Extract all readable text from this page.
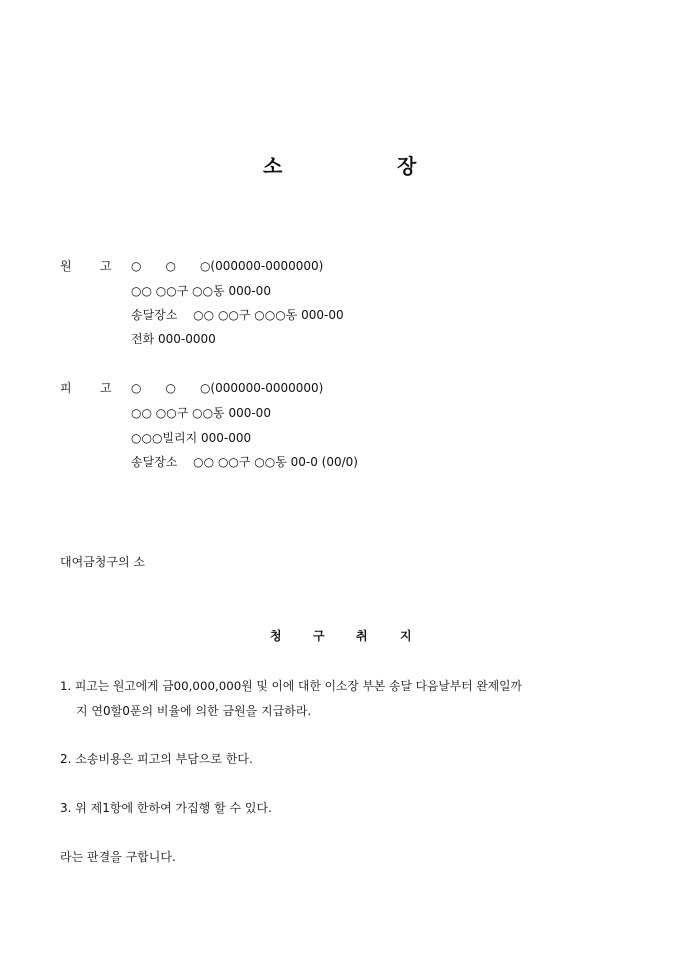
소	장
원 고 ○　　○　　○(000000-0000000)
○○ ○○구 ○○동 000-00
송달장소　 ○○ ○○구 ○○○동 000-00
전화 000-0000
피 고 ○　　○　　○(000000-0000000)
○○ ○○구 ○○동 000-00
○○○빌리지 000-000
송달장소　 ○○ ○○구 ○○동 00-0 (00/0)
대여금청구의 소
청	구	취	지
1. 피고는 원고에게 금00,000,000원 및 이에 대한 이소장 부본 송달 다음날부터 완제일까
지 연0할0푼의 비율에 의한 금원을 지급하라.
2. 소송비용은 피고의 부담으로 한다.
3. 위 제1항에 한하여 가집행 할 수 있다.
라는 판결을 구합니다.
